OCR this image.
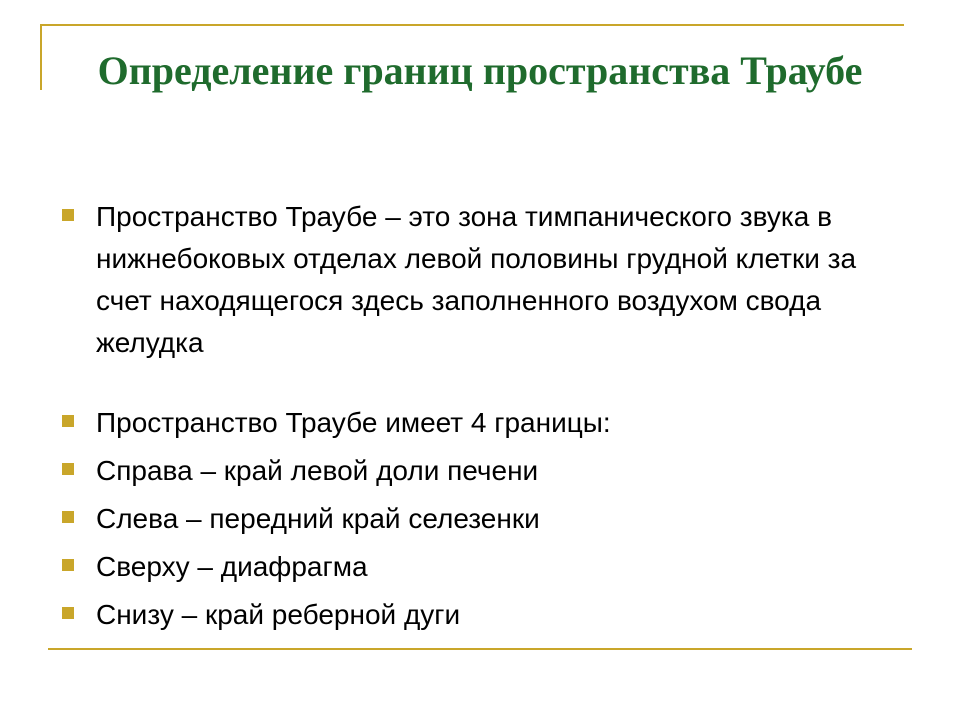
Определение границ пространства Траубе
Пространство Траубе – это зона тимпанического звука в нижнебоковых отделах левой половины грудной клетки за счет находящегося здесь заполненного воздухом свода желудка
Пространство Траубе имеет 4 границы:
Справа – край левой доли печени
Слева – передний край селезенки
Сверху – диафрагма
Снизу – край реберной дуги
